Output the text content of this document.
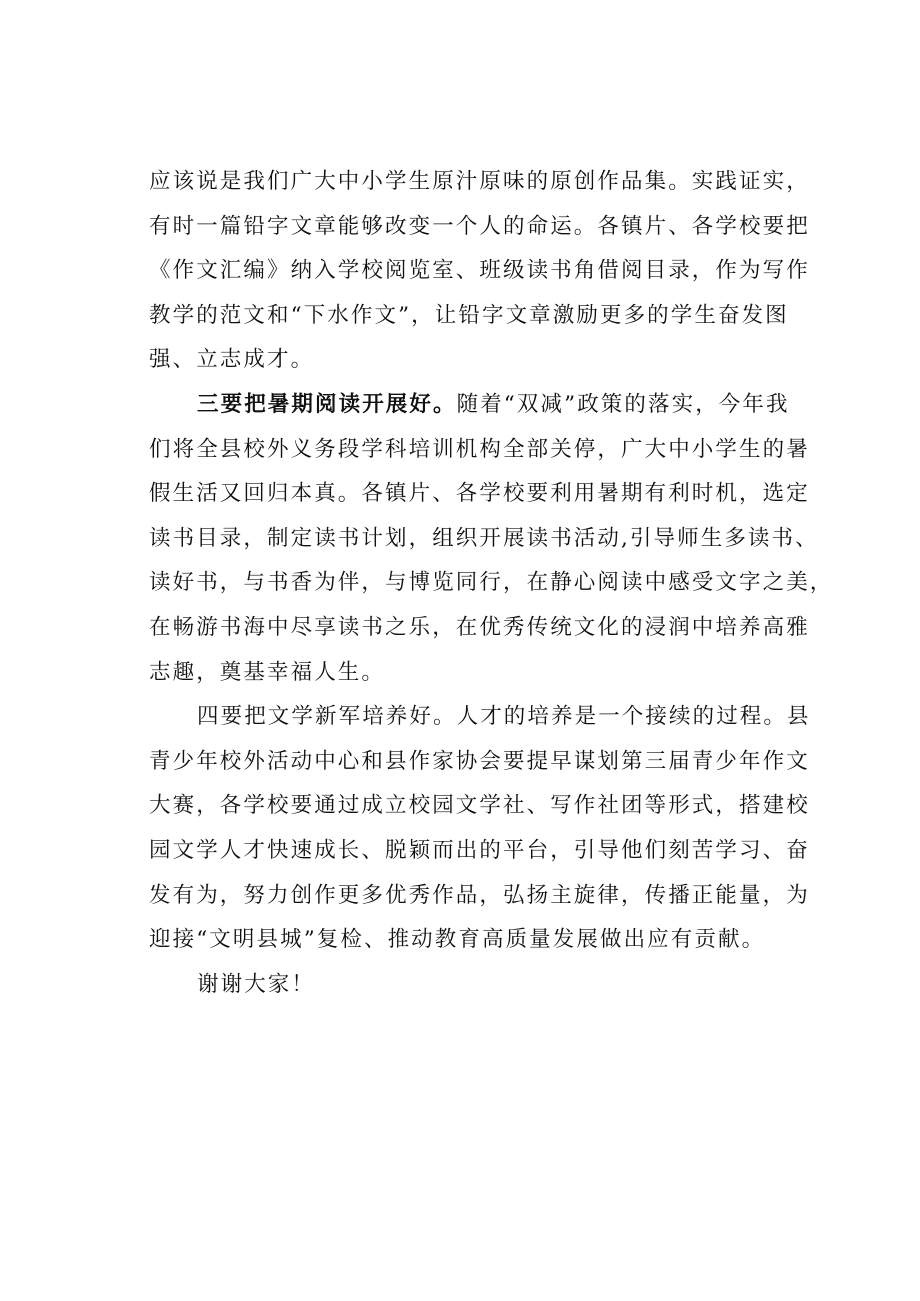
应该说是我们广大中小学生原汁原味的原创作品集。实践证实，
有时一篇铅字文章能够改变一个人的命运。各镇片、各学校要把
《作文汇编》纳入学校阅览室、班级读书角借阅目录，作为写作
教学的范文和“下水作文”，让铅字文章激励更多的学生奋发图
强、立志成才。
三要把暑期阅读开展好。随着“双减”政策的落实，今年我
们将全县校外义务段学科培训机构全部关停，广大中小学生的暑
假生活又回归本真。各镇片、各学校要利用暑期有利时机，选定
读书目录，制定读书计划，组织开展读书活动,引导师生多读书、
读好书，与书香为伴，与博览同行，在静心阅读中感受文字之美，
在畅游书海中尽享读书之乐，在优秀传统文化的浸润中培养高雅
志趣，奠基幸福人生。
四要把文学新军培养好。人才的培养是一个接续的过程。县
青少年校外活动中心和县作家协会要提早谋划第三届青少年作文
大赛，各学校要通过成立校园文学社、写作社团等形式，搭建校
园文学人才快速成长、脱颖而出的平台，引导他们刻苦学习、奋
发有为，努力创作更多优秀作品，弘扬主旋律，传播正能量，为
迎接“文明县城”复检、推动教育高质量发展做出应有贡献。
谢谢大家！
